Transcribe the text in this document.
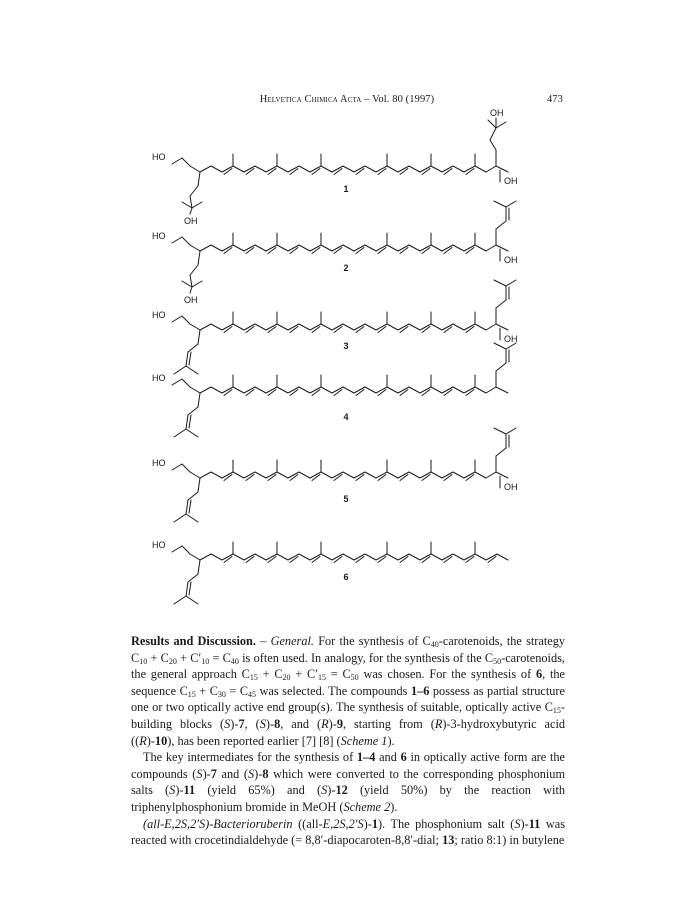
Helvetica Chimica Acta – Vol. 80 (1997)	473
HO
OH
OH
OH
1
HO
OH
OH
2
HO
OH
3
HO
4
HO
OH
5
HO
6

Results and Discussion. – General. For the synthesis of $C_{40}$-carotenoids, the strategy $C_{10} + C_{20} + C'_{10} = C_{40}$ is often used. In analogy, for the synthesis of the $C_{50}$-carotenoids, the general approach $C_{15} + C_{20} + C'_{15} = C_{50}$ was chosen. For the synthesis of 6, the sequence $C_{15} + C_{30} = C_{45}$ was selected. The compounds 1–6 possess as partial structure one or two optically active end group(s). The synthesis of suitable, optically active $C_{15}$-building blocks (S)-7, (S)-8, and (R)-9, starting from (R)-3-hydroxybutyric acid ((R)-10), has been reported earlier [7] [8] (Scheme 1).

The key intermediates for the synthesis of 1–4 and 6 in optically active form are the compounds (S)-7 and (S)-8 which were converted to the corresponding phosphonium salts (S)-11 (yield 65%) and (S)-12 (yield 50%) by the reaction with triphenylphosphonium bromide in MeOH (Scheme 2).

(all-E,2S,2′S)-Bacterioruberin ((all-E,2S,2′S)-1). The phosphonium salt (S)-11 was reacted with crocetindialdehyde (= 8,8′-diapocaroten-8,8′-dial; 13; ratio 8:1) in butylene
